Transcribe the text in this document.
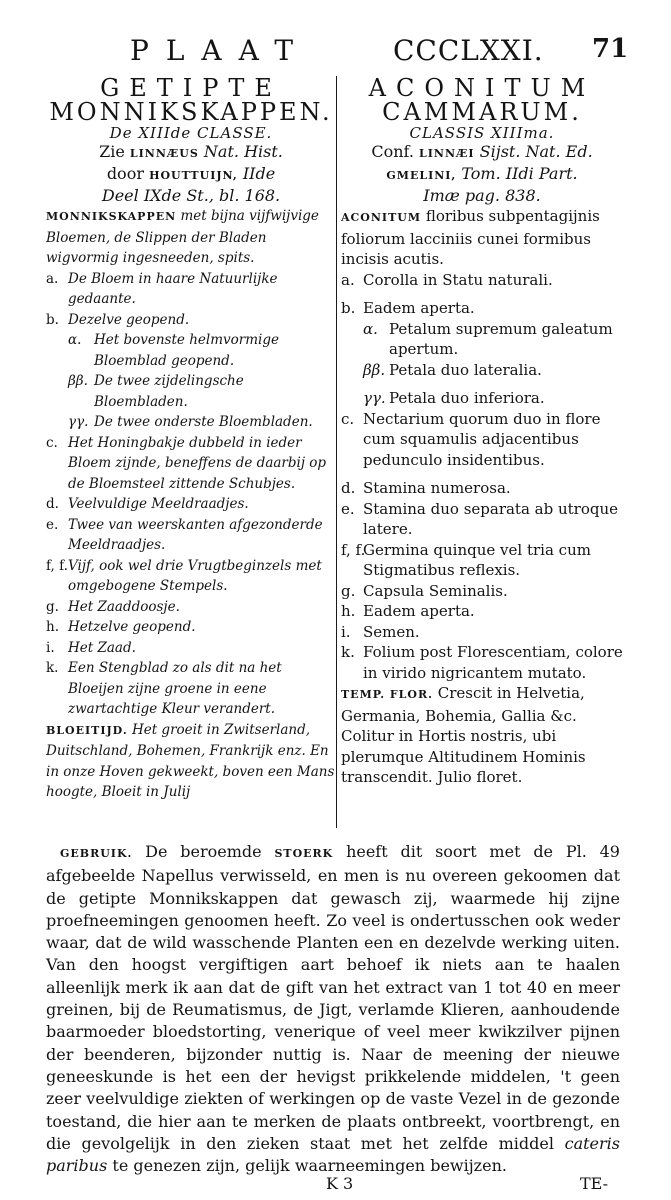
PLAAT	CCCLXXI. 71
GETIPTE
MONNIKSKAPPEN.
De XIIIde CLASSE.
Zie LINNÆUS Nat. Hist.
door HOUTTUIJN, IIde
Deel IXde St., bl. 168.
MONNIKSKAPPEN met bijna vijfwijvige Bloemen, de Slippen der Bladen wigvormig ingesneeden, spits.
a. De Bloem in haare Natuurlijke gedaante.
b. Dezelve geopend.
α. Het bovenste helmvormige Bloemblad geopend.
ββ. De twee zijdelingsche Bloembladen.
γγ. De twee onderste Bloembladen.
c. Het Honingbakje dubbeld in ieder Bloem zijnde, beneffens de daarbij op de Bloemsteel zittende Schubjes.
d. Veelvuldige Meeldraadjes.
e. Twee van weerskanten afgezonderde Meeldraadjes.
f, f. Vijf, ook wel drie Vrugtbeginzels met omgebogene Stempels.
g. Het Zaaddoosje.
h. Hetzelve geopend.
i. Het Zaad.
k. Een Stengblad zo als dit na het Bloeijen zijne groene in eene zwartachtige Kleur verandert.
BLOEITIJD. Het groeit in Zwitserland, Duitschland, Bohemen, Frankrijk enz. En in onze Hoven gekweekt, boven een Mans hoogte, Bloeit in Julij
ACONITUM
CAMMARUM.
CLASSIS XIIIma.
Conf. LINNÆI Sijst. Nat. Ed.
GMELINI, Tom. IIdi Part.
Imæ pag. 838.
ACONITUM floribus subpentagijnis foliorum lacciniis cunei formibus incisis acutis.
a. Corolla in Statu naturali.
b. Eadem aperta.
α. Petalum supremum galeatum apertum.
ββ. Petala duo lateralia.
γγ. Petala duo inferiora.
c. Nectarium quorum duo in flore cum squamulis adjacentibus pedunculo insidentibus.
d. Stamina numerosa.
e. Stamina duo separata ab utroque latere.
f, f.
Germina quinque vel tria cum Stigmatibus reflexis.
g. Capsula Seminalis.
h. Eadem aperta.
i. Semen.
k. Folium post Florescentiam, colore in virido nigricantem mutato.
TEMP. FLOR. Crescit in Helvetia, Germania, Bohemia, Gallia &c. Colitur in Hortis nostris, ubi plerumque Altitudinem Hominis transcendit. Julio floret.

GEBRUIK. De beroemde STOERK heeft dit soort met de Pl. 49 afgebeelde Napellus verwisseld, en men is nu overeen gekoomen dat de getipte Monnikskappen dat gewasch zij, waarmede hij zijne proefneemingen genoomen heeft. Zo veel is ondertusschen ook weder waar, dat de wild wasschende Planten een en dezelvde werking uiten. Van den hoogst vergiftigen aart behoef ik niets aan te haalen alleenlijk merk ik aan dat de gift van het extract van 1 tot 40 en meer greinen, bij de Reumatismus, de Jigt, verlamde Klieren, aanhoudende baarmoeder bloedstorting, venerique of veel meer kwikzilver pijnen der beenderen, bijzonder nuttig is. Naar de meening der nieuwe geneeskunde is het een der hevigst prikkelende middelen, 't geen zeer veelvuldige ziekten of werkingen op de vaste Vezel in de gezonde toestand, die hier aan te merken de plaats ontbreekt, voortbrengt, en die gevolgelijk in den zieken staat met het zelfde middel cateris paribus te genezen zijn, gelijk waarneemingen bewijzen.

K 3	TE-
